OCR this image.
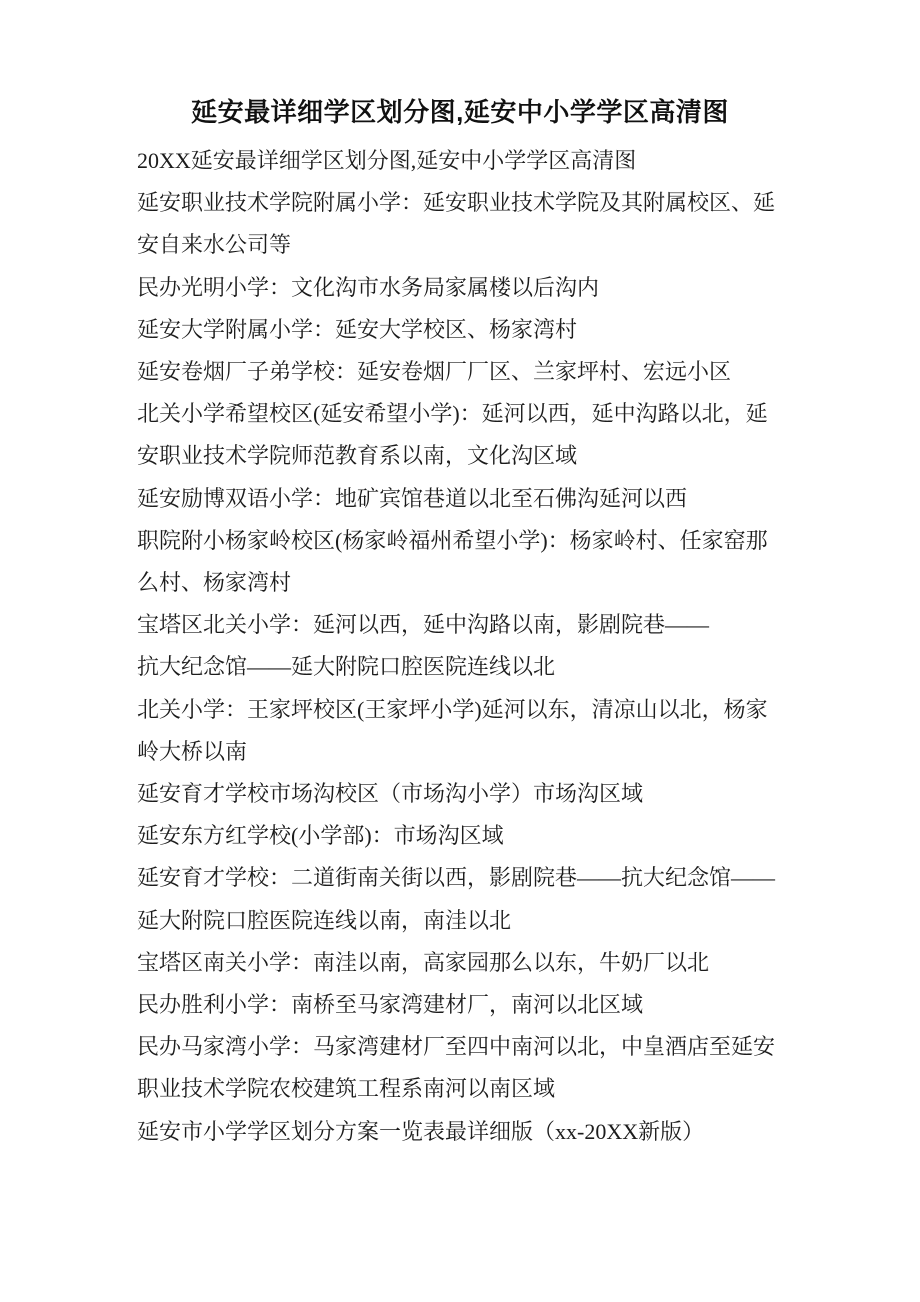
延安最详细学区划分图,延安中小学学区高清图
20XX延安最详细学区划分图,延安中小学学区高清图
延安职业技术学院附属小学：延安职业技术学院及其附属校区、延
安自来水公司等
民办光明小学：文化沟市水务局家属楼以后沟内
延安大学附属小学：延安大学校区、杨家湾村
延安卷烟厂子弟学校：延安卷烟厂厂区、兰家坪村、宏远小区
北关小学希望校区(延安希望小学)：延河以西，延中沟路以北，延
安职业技术学院师范教育系以南，文化沟区域
延安励博双语小学：地矿宾馆巷道以北至石佛沟延河以西
职院附小杨家岭校区(杨家岭福州希望小学)：杨家岭村、任家窑那
么村、杨家湾村
宝塔区北关小学：延河以西，延中沟路以南，影剧院巷——
抗大纪念馆——延大附院口腔医院连线以北
北关小学：王家坪校区(王家坪小学)延河以东，清凉山以北，杨家
岭大桥以南
延安育才学校市场沟校区（市场沟小学）市场沟区域
延安东方红学校(小学部)：市场沟区域
延安育才学校：二道街南关街以西，影剧院巷——抗大纪念馆——
延大附院口腔医院连线以南，南洼以北
宝塔区南关小学：南洼以南，高家园那么以东，牛奶厂以北
民办胜利小学：南桥至马家湾建材厂，南河以北区域
民办马家湾小学：马家湾建材厂至四中南河以北，中皇酒店至延安
职业技术学院农校建筑工程系南河以南区域
延安市小学学区划分方案一览表最详细版（xx-20XX新版）
